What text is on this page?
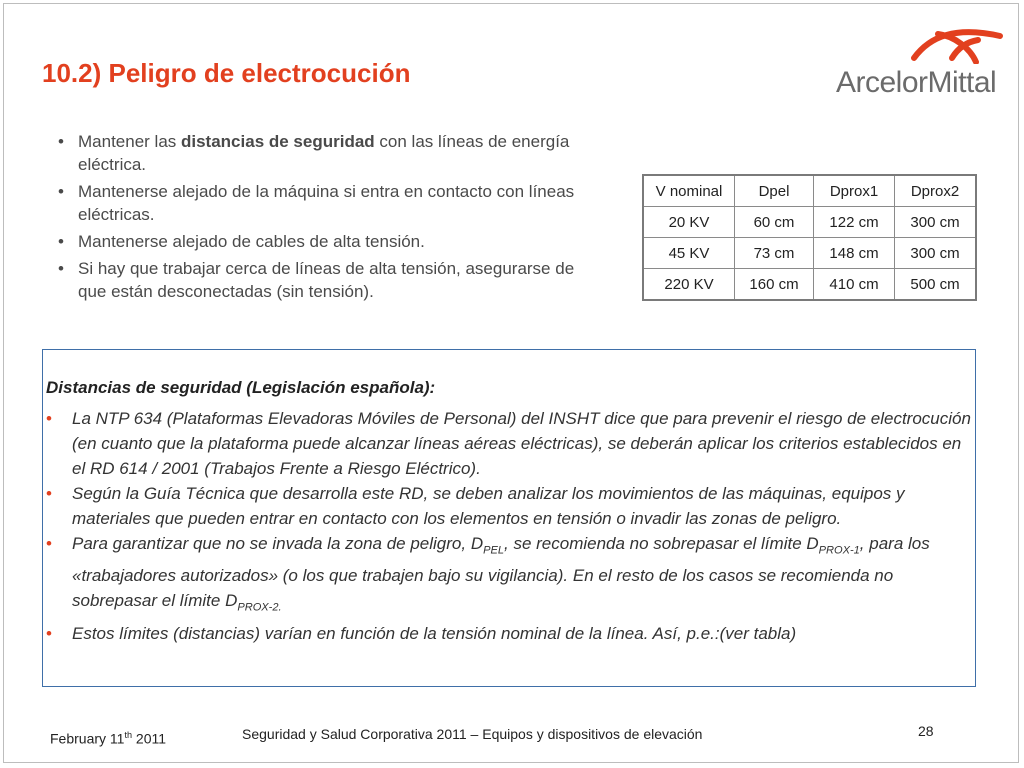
10.2) Peligro de electrocución	ArcelorMittal
• Mantener las distancias de seguridad con las líneas de energía eléctrica.
• Mantenerse alejado de la máquina si entra en contacto con líneas eléctricas.
• Mantenerse alejado de cables de alta tensión.
• Si hay que trabajar cerca de líneas de alta tensión, asegurarse de que están desconectadas (sin tensión).
V nominal	Dpel	Dprox1	Dprox2
20 KV	60 cm	122 cm	300 cm
45 KV	73 cm	148 cm	300 cm
220 KV	160 cm	410 cm	500 cm
Distancias de seguridad (Legislación española):
• La NTP 634 (Plataformas Elevadoras Móviles de Personal) del INSHT dice que para prevenir el riesgo de electrocución (en cuanto que la plataforma puede alcanzar líneas aéreas eléctricas), se deberán aplicar los criterios establecidos en el RD 614 / 2001 (Trabajos Frente a Riesgo Eléctrico).
• Según la Guía Técnica que desarrolla este RD, se deben analizar los movimientos de las máquinas, equipos y materiales que pueden entrar en contacto con los elementos en tensión o invadir las zonas de peligro.
• Para garantizar que no se invada la zona de peligro, $D_{PEL}$, se recomienda no sobrepasar el límite $D_{PROX-1}$, para los «trabajadores autorizados» (o los que trabajen bajo su vigilancia). En el resto de los casos se recomienda no sobrepasar el límite $D_{PROX-2.}$
• Estos límites (distancias) varían en función de la tensión nominal de la línea. Así, p.e.:(ver tabla)
February 11th 2011	Seguridad y Salud Corporativa 2011 – Equipos y dispositivos de elevación	28
